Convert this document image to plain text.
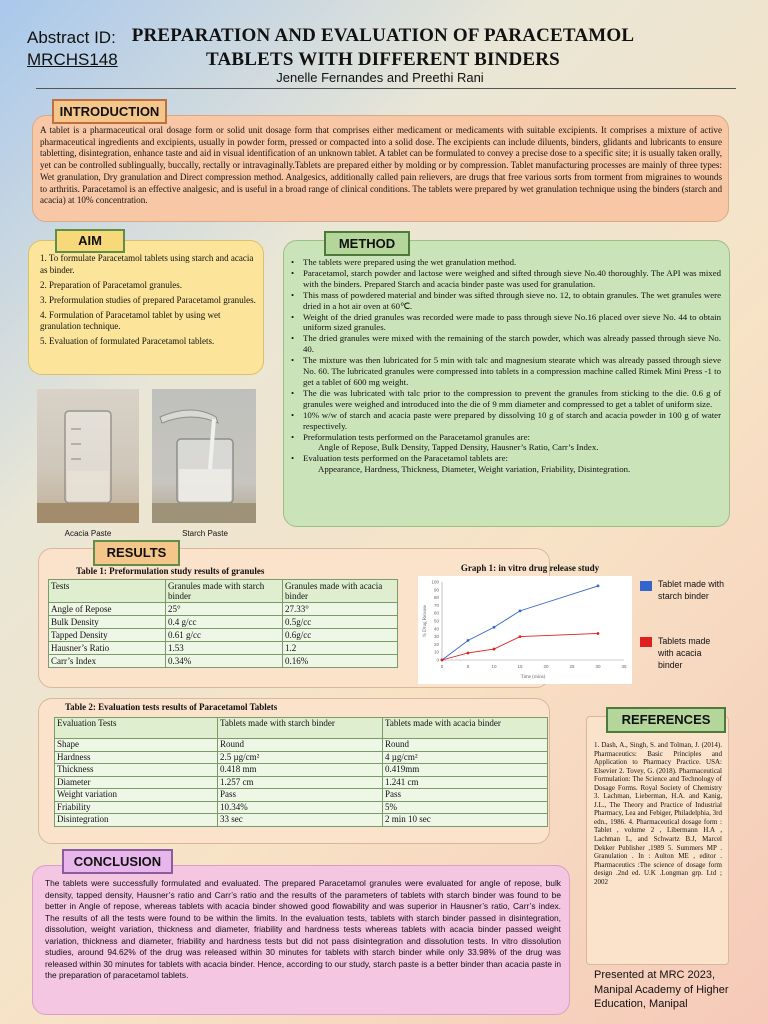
Abstract ID:
MRCHS148
PREPARATION AND EVALUATION OF PARACETAMOL TABLETS WITH DIFFERENT BINDERS
Jenelle Fernandes and Preethi Rani
INTRODUCTION
A tablet is a pharmaceutical oral dosage form or solid unit dosage form that comprises either medicament or medicaments with suitable excipients. It comprises a mixture of active pharmaceutical ingredients and excipients, usually in powder form, pressed or compacted into a solid dose. The excipients can include diluents, binders, glidants and lubricants to ensure tabletting, disintegration, enhance taste and aid in visual identification of an unknown tablet. A tablet can be formulated to convey a precise dose to a specific site; it is usually taken orally, yet can be controlled sublingually, buccally, rectally or intravaginally.Tablets are prepared either by molding or by compression. Tablet manufacturing processes are mainly of three types: Wet granulation, Dry granulation and Direct compression method. Analgesics, additionally called pain relievers, are drugs that free various sorts from torment from migraines to wounds to arthritis. Paracetamol is an effective analgesic, and is useful in a broad range of clinical conditions. The tablets were prepared by wet granulation technique using the binders (starch and acacia) at 10% concentration.
AIM
1. To formulate Paracetamol tablets using starch and acacia as binder.
2. Preparation of Paracetamol granules.
3. Preformulation studies of prepared Paracetamol granules.
4. Formulation of Paracetamol tablet by using wet granulation technique.
5. Evaluation of formulated Paracetamol tablets.
METHOD
• The tablets were prepared using the wet granulation method.
• Paracetamol, starch powder and lactose were weighed and sifted through sieve No.40 thoroughly. The API was mixed with the binders. Prepared Starch and acacia binder paste was used for granulation.
• This mass of powdered material and binder was sifted through sieve no. 12, to obtain granules. The wet granules were dried in a hot air oven at 60℃.
• Weight of the dried granules was recorded were made to pass through sieve No.16 placed over sieve No. 44 to obtain uniform sized granules.
• The dried granules were mixed with the remaining of the starch powder, which was already passed through sieve No. 40.
• The mixture was then lubricated for 5 min with talc and magnesium stearate which was already passed through sieve No. 60. The lubricated granules were compressed into tablets in a compression machine called Rimek Mini Press -1 to get a tablet of 600 mg weight.
• The die was lubricated with talc prior to the compression to prevent the granules from sticking to the die. 0.6 g of granules were weighed and introduced into the die of 9 mm diameter and compressed to get a tablet of uniform size.
• 10% w/w of starch and acacia paste were prepared by dissolving 10 g of starch and acacia powder in 100 g of water respectively.
• Preformulation tests performed on the Paracetamol granules are:
Angle of Repose, Bulk Density, Tapped Density, Hausner’s Ratio, Carr’s Index.
• Evaluation tests performed on the Paracetamol tablets are:
Appearance, Hardness, Thickness, Diameter, Weight variation, Friability, Disintegration.
Acacia Paste	Starch Paste
RESULTS
Table 1: Preformulation study results of granules
Tests	Granules made with starch binder	Granules made with acacia binder
Angle of Repose	25°	27.33°
Bulk Density	0.4 g/cc	0.5g/cc
Tapped Density	0.61 g/cc	0.6g/cc
Hausner’s Ratio	1.53	1.2
Carr’s Index	0.34%	0.16%
Graph 1: in vitro drug release study
0	5	10	15	20	25	30	35
0
10
20
30
40
50
60
70
80
90
100
Time (mins)
% Drug Release
Tablet made with starch binder
Tablets made with acacia binder
Table 2: Evaluation tests results of Paracetamol Tablets
Evaluation Tests	Tablets made with starch binder	Tablets made with acacia binder
Shape	Round	Round
Hardness	2.5 µg/cm²	4 µg/cm²
Thickness	0.418 mm	0.419mm
Diameter	1.257 cm	1.241 cm
Weight variation	Pass	Pass
Friability	10.34%	5%
Disintegration	33 sec	2 min 10 sec
REFERENCES
1. Dash, A., Singh, S. and Tolman, J. (2014). Pharmaceutics: Basic Principles and Application to Pharmacy Practice. USA: Elsevier 2. Tovey, G. (2018). Pharmaceutical Formulation: The Science and Technology of Dosage Forms. Royal Society of Chemistry 3. Lachman, Lieberman, H.A. and Kanig, J.L., The Theory and Practice of Industrial Pharmacy, Lea and Febiger, Philadelphia, 3rd edn., 1986. 4. Pharmaceutical dosage form : Tablet , volume 2 , Libermann H.A , Lachman L, and Schwartz B.J, Marcel Dekker Publisher ,1989 5. Summers MP . Granulation . In : Aulton ME , editor . Pharmaceutics :The science of dosage form design .2nd ed. U.K .Longman grp. Ltd ; 2002
CONCLUSION
The tablets were successfully formulated and evaluated. The prepared Paracetamol granules were evaluated for angle of repose, bulk density, tapped density, Hausner’s ratio and Carr’s ratio and the results of the parameters of tablets with starch binder was found to be better in Angle of repose, whereas tablets with acacia binder showed good flowability and was superior in Hausner’s ratio, Carr’s index. The results of all the tests were found to be within the limits. In the evaluation tests, tablets with starch binder passed in disintegration, dissolution, weight variation, thickness and diameter, friability and hardness tests whereas tablets with acacia binder passed weight variation, thickness and diameter, friability and hardness tests but did not pass disintegration and dissolution tests. In vitro dissolution studies, around 94.62% of the drug was released within 30 minutes for tablets with starch binder while only 33.98% of the drug was released within 30 minutes for tablets with acacia binder. Hence, according to our study, starch paste is a better binder than acacia paste in the preparation of paracetamol tablets.	Presented at MRC 2023, Manipal Academy of Higher Education, Manipal
